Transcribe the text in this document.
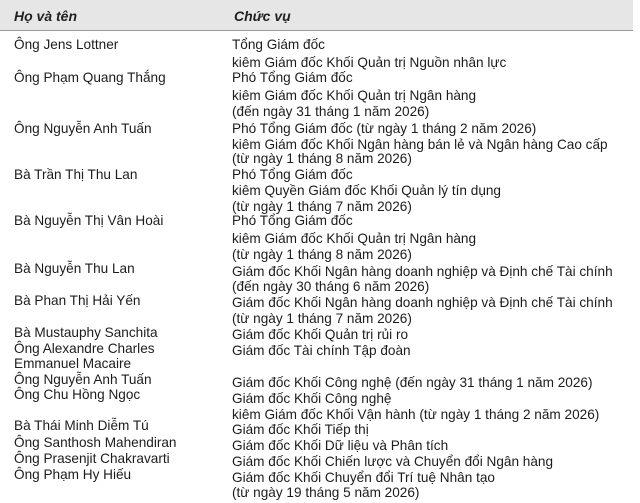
Họ và tên	Chức vụ
Ông Jens Lottner	Tổng Giám đốc
kiêm Giám đốc Khối Quản trị Nguồn nhân lực
Ông Phạm Quang Thắng	Phó Tổng Giám đốc
kiêm Giám đốc Khối Quản trị Ngân hàng
(đến ngày 31 tháng 1 năm 2026)
Ông Nguyễn Anh Tuấn	Phó Tổng Giám đốc (từ ngày 1 tháng 2 năm 2026)
kiêm Giám đốc Khối Ngân hàng bán lẻ và Ngân hàng Cao cấp
(từ ngày 1 tháng 8 năm 2026)
Bà Trần Thị Thu Lan	Phó Tổng Giám đốc
kiêm Quyền Giám đốc Khối Quản lý tín dụng
(từ ngày 1 tháng 7 năm 2026)
Bà Nguyễn Thị Vân Hoài	Phó Tổng Giám đốc
kiêm Giám đốc Khối Quản trị Ngân hàng
(từ ngày 1 tháng 8 năm 2026)
Bà Nguyễn Thu Lan	Giám đốc Khối Ngân hàng doanh nghiệp và Định chế Tài chính
(đến ngày 30 tháng 6 năm 2026)
Bà Phan Thị Hải Yến	Giám đốc Khối Ngân hàng doanh nghiệp và Định chế Tài chính
(từ ngày 1 tháng 7 năm 2026)
Bà Mustauphy Sanchita	Giám đốc Khối Quản trị rủi ro
Ông Alexandre Charles
Emmanuel Macaire
Giám đốc Tài chính Tập đoàn
Ông Nguyễn Anh Tuấn	Giám đốc Khối Công nghệ (đến ngày 31 tháng 1 năm 2026)
Ông Chu Hồng Ngọc	Giám đốc Khối Công nghệ
kiêm Giám đốc Khối Vận hành (từ ngày 1 tháng 2 năm 2026)
Bà Thái Minh Diễm Tú	Giám đốc Khối Tiếp thị
Ông Santhosh Mahendiran	Giám đốc Khối Dữ liệu và Phân tích
Ông Prasenjit Chakravarti	Giám đốc Khối Chiến lược và Chuyển đổi Ngân hàng
Ông Phạm Hy Hiếu	Giám đốc Khối Chuyển đổi Trí tuệ Nhân tạo
(từ ngày 19 tháng 5 năm 2026)
